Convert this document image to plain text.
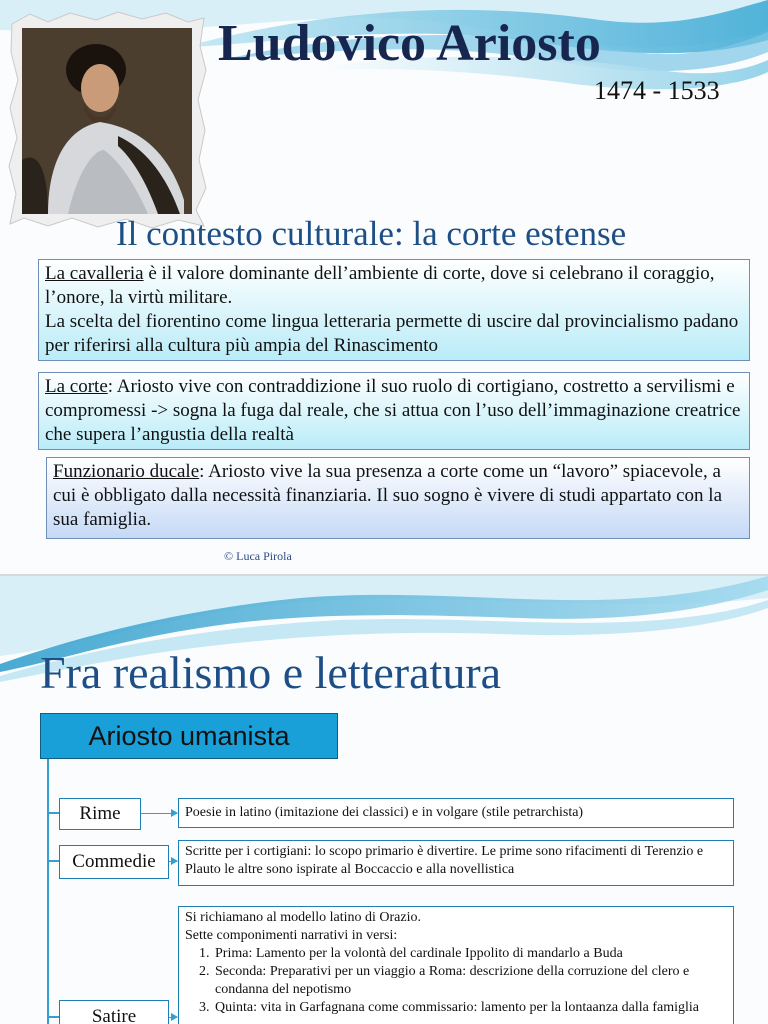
Ludovico Ariosto
1474 - 1533
Il contesto culturale: la corte estense
La cavalleria è il valore dominante dell’ambiente di corte, dove si celebrano il coraggio, l’onore, la virtù militare.
La scelta del fiorentino come lingua letteraria permette di uscire dal provincialismo padano per riferirsi alla cultura più ampia del Rinascimento
La corte: Ariosto vive con contraddizione il suo ruolo di cortigiano, costretto a servilismi e compromessi -> sogna la fuga dal reale, che si attua con l’uso dell’immaginazione creatrice che supera l’angustia della realtà
Funzionario ducale: Ariosto vive la sua presenza a corte come un “lavoro” spiacevole, a cui è obbligato dalla necessità finanziaria. Il suo sogno è vivere di studi appartato con la sua famiglia.
© Luca Pirola
Fra realismo e letteratura
Ariosto umanista
Rime	Poesie in latino (imitazione dei classici) e in volgare (stile petrarchista)
Commedie	Scritte per i cortigiani: lo scopo primario è divertire. Le prime sono rifacimenti di Terenzio e Plauto le altre sono ispirate al Boccaccio e alla novellistica
Satire
Si richiamano al modello latino di Orazio.
Sette componimenti narrativi in versi:
1. Prima: Lamento per la volontà del cardinale Ippolito di mandarlo a Buda
2. Seconda: Preparativi per un viaggio a Roma: descrizione della corruzione del clero e condanna del nepotismo
3. Quinta: vita in Garfagnana come commissario: lamento per la lontaanza dalla famiglia
